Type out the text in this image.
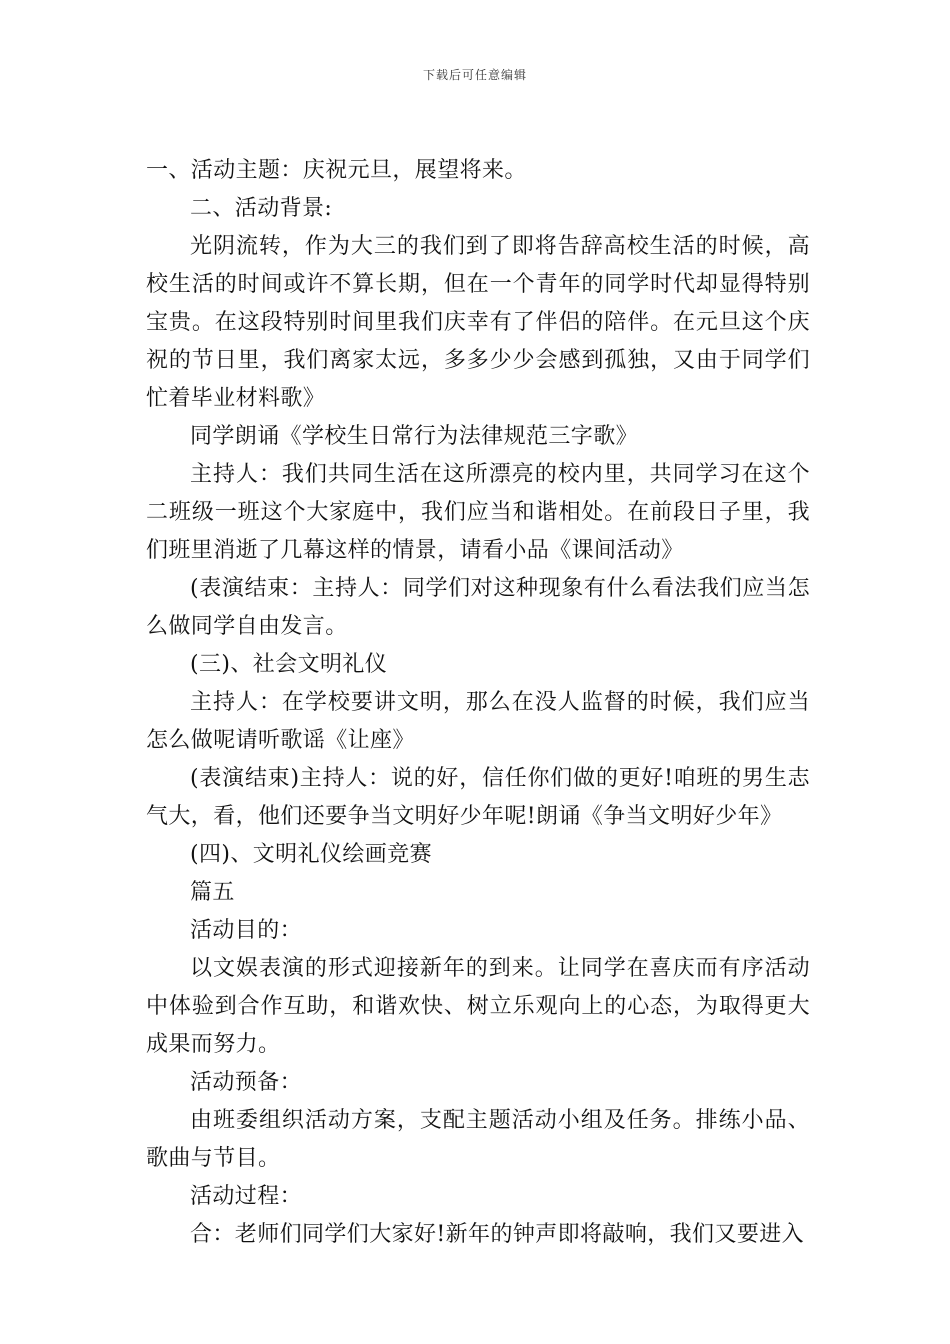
下载后可任意编辑

一、活动主题：庆祝元旦，展望将来。

二、活动背景:

光阴流转，作为大三的我们到了即将告辞高校生活的时候，高校生活的时间或许不算长期，但在一个青年的同学时代却显得特别宝贵。在这段特别时间里我们庆幸有了伴侣的陪伴。在元旦这个庆祝的节日里，我们离家太远，多多少少会感到孤独，又由于同学们忙着毕业材料歌》

同学朗诵《学校生日常行为法律规范三字歌》

主持人：我们共同生活在这所漂亮的校内里，共同学习在这个二班级一班这个大家庭中，我们应当和谐相处。在前段日子里，我们班里消逝了几幕这样的情景，请看小品《课间活动》

(表演结束：主持人：同学们对这种现象有什么看法我们应当怎么做同学自由发言。

(三)、社会文明礼仪

主持人：在学校要讲文明，那么在没人监督的时候，我们应当怎么做呢请听歌谣《让座》

(表演结束)主持人：说的好，信任你们做的更好!咱班的男生志气大，看，他们还要争当文明好少年呢!朗诵《争当文明好少年》

(四)、文明礼仪绘画竞赛

篇五

活动目的：

以文娱表演的形式迎接新年的到来。让同学在喜庆而有序活动中体验到合作互助，和谐欢快、树立乐观向上的心态，为取得更大成果而努力。

活动预备：

由班委组织活动方案，支配主题活动小组及任务。排练小品、歌曲与节目。

活动过程：

合：老师们同学们大家好!新年的钟声即将敲响，我们又要进入
